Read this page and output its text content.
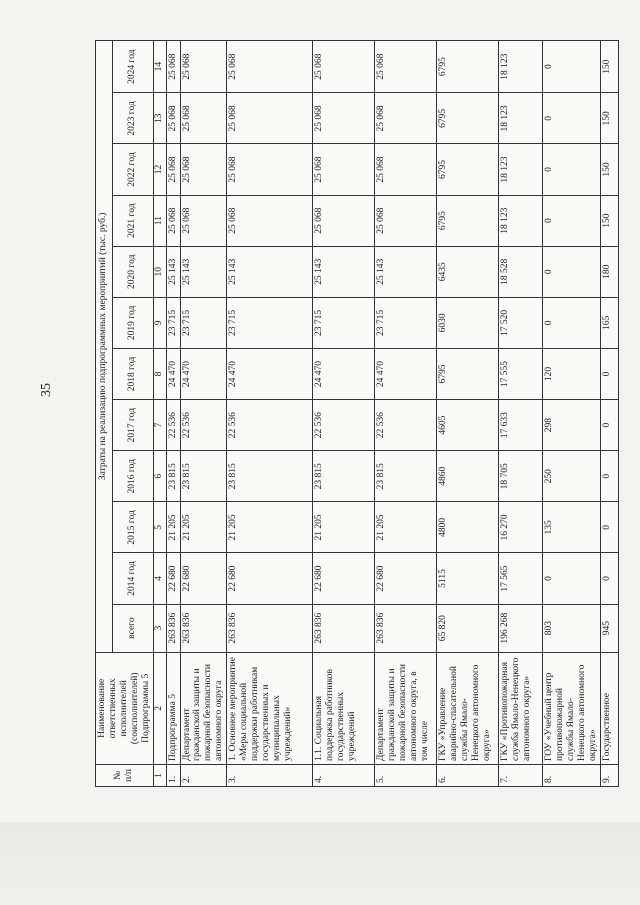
35
№ п/п	Наименование ответственных исполнителей (соисполнителей) Подпрограммы 5	Затраты на реализацию подпрограммных мероприятий (тыс. руб.)											
		всего	2014 год	2015 год	2016 год	2017 год	2018 год	2019 год	2020 год	2021 год	2022 год	2023 год	2024 год
1	2	3	4	5	6	7	8	9	10	11	12	13	14
1.	Подпрограмма 5	263 836	22 680	21 205	23 815	22 536	24 470	23 715	25 143	25 068	25 068	25 068	25 068
2.	Департамент гражданской защиты и пожарной безопасности автономного округа	263 836	22 680	21 205	23 815	22 536	24 470	23 715	25 143	25 068	25 068	25 068	25 068
3.	1. Основное мероприятие «Меры социальной поддержки работникам государственных и муниципальных учреждений»	263 836	22 680	21 205	23 815	22 536	24 470	23 715	25 143	25 068	25 068	25 068	25 068
4.	1.1. Социальная поддержка работников государственных учреждений	263 836	22 680	21 205	23 815	22 536	24 470	23 715	25 143	25 068	25 068	25 068	25 068
5.	Департамент гражданской защиты и пожарной безопасности автономного округа, в том числе	263 836	22 680	21 205	23 815	22 536	24 470	23 715	25 143	25 068	25 068	25 068	25 068
6.	ГКУ «Управление аварийно-спасательной службы Ямало-Ненецкого автономного округа»	65 820	5115	4800	4860	4605	6795	6030	6435	6795	6795	6795	6795
7.	ГКУ «Противопожарная служба Ямало-Ненецкого автономного округа»	196 268	17 565	16 270	18 705	17 633	17 555	17 520	18 528	18 123	18 123	18 123	18 123
8.	ГОУ «Учебный центр противопожарной службы Ямало-Ненецкого автономного округа»	803	0	135	250	298	120	0	0	0	0	0	0
9.	Государственное	945	0	0	0	0	0	165	180	150	150	150	150
